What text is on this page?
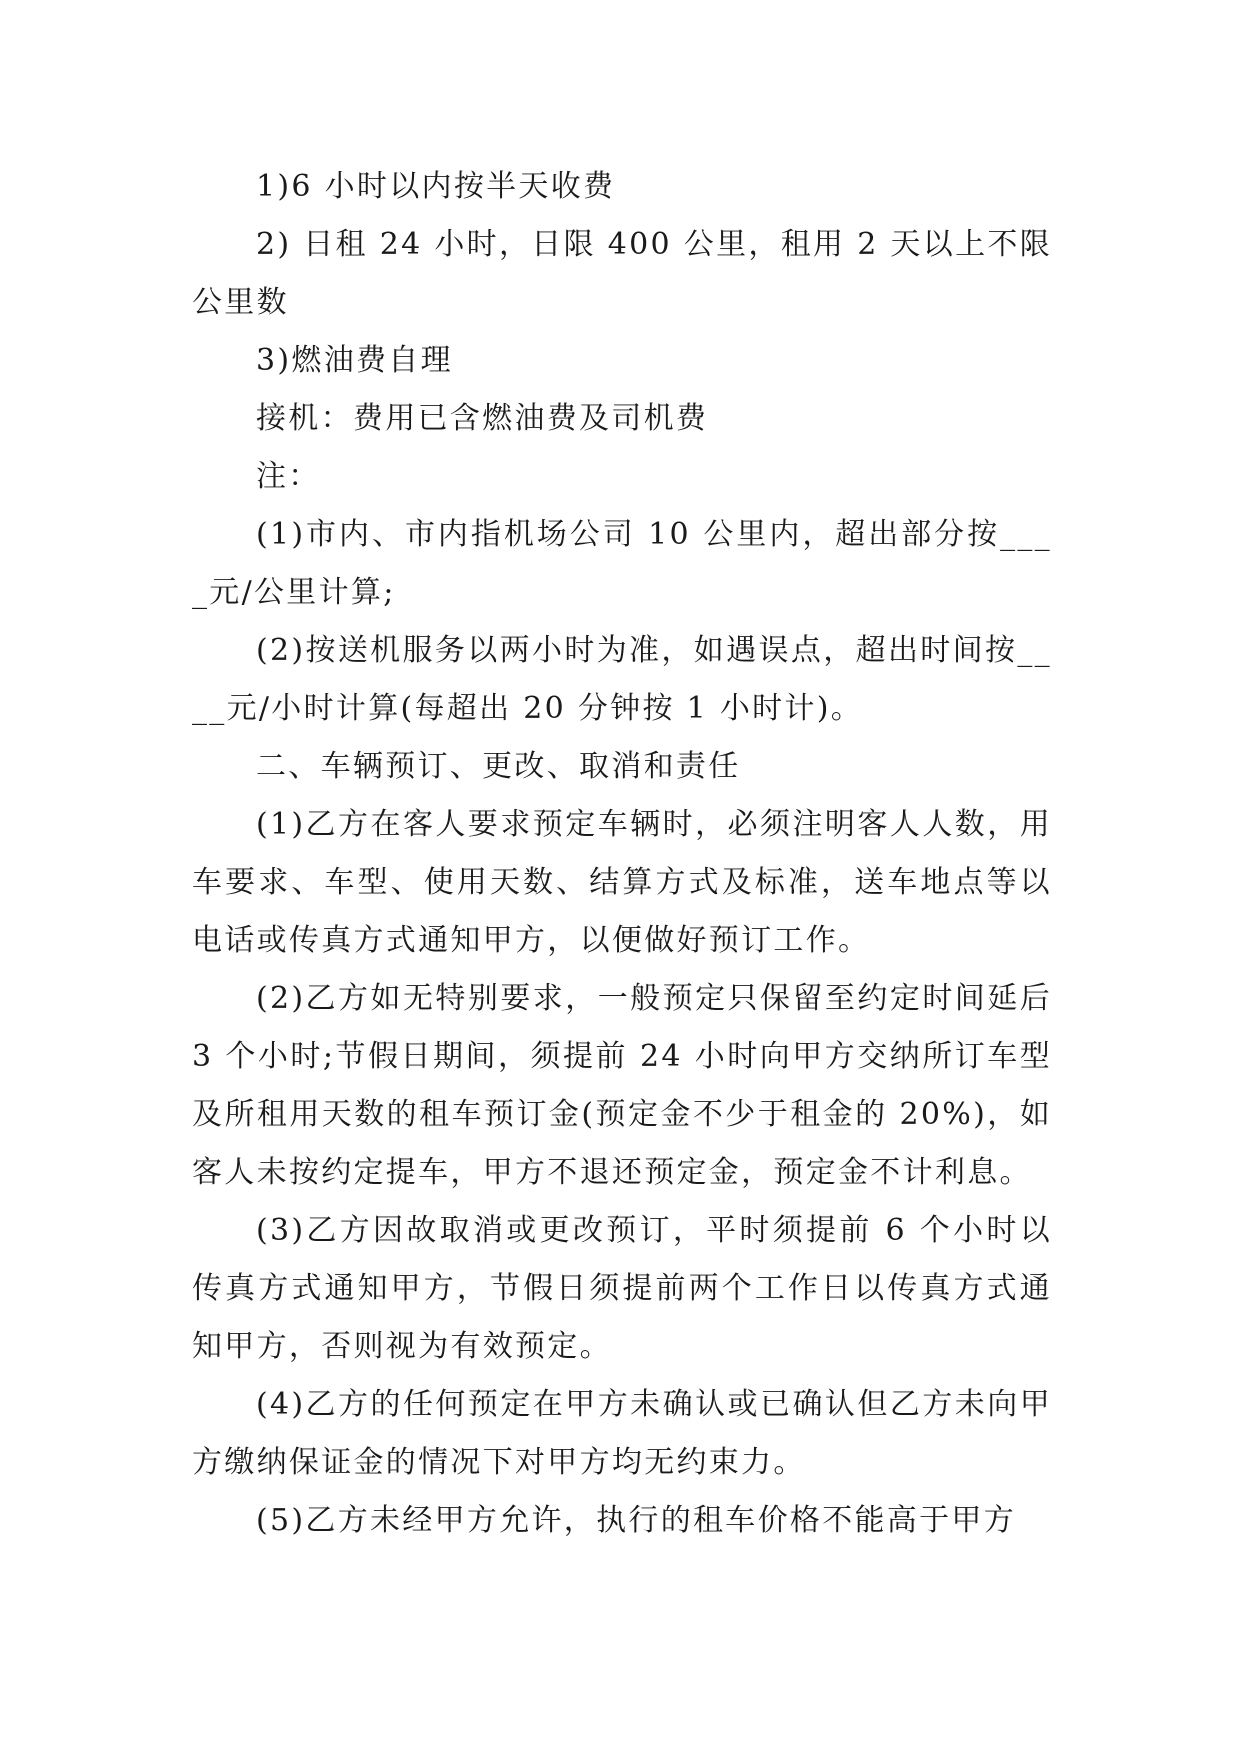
1)6 小时以内按半天收费

2) 日租 24 小时，日限 400 公里，租用 2 天以上不限公里数

3)燃油费自理

接机：费用已含燃油费及司机费

注：

(1)市内、市内指机场公司 10 公里内，超出部分按____元/公里计算;

(2)按送机服务以两小时为准，如遇误点，超出时间按____元/小时计算(每超出 20 分钟按 1 小时计)。

二、车辆预订、更改、取消和责任

(1)乙方在客人要求预定车辆时，必须注明客人人数，用车要求、车型、使用天数、结算方式及标准，送车地点等以电话或传真方式通知甲方，以便做好预订工作。

(2)乙方如无特别要求，一般预定只保留至约定时间延后 3 个小时;节假日期间，须提前 24 小时向甲方交纳所订车型及所租用天数的租车预订金(预定金不少于租金的 20%)，如客人未按约定提车，甲方不退还预定金，预定金不计利息。

(3)乙方因故取消或更改预订，平时须提前 6 个小时以传真方式通知甲方，节假日须提前两个工作日以传真方式通知甲方，否则视为有效预定。

(4)乙方的任何预定在甲方未确认或已确认但乙方未向甲方缴纳保证金的情况下对甲方均无约束力。

(5)乙方未经甲方允许，执行的租车价格不能高于甲方
